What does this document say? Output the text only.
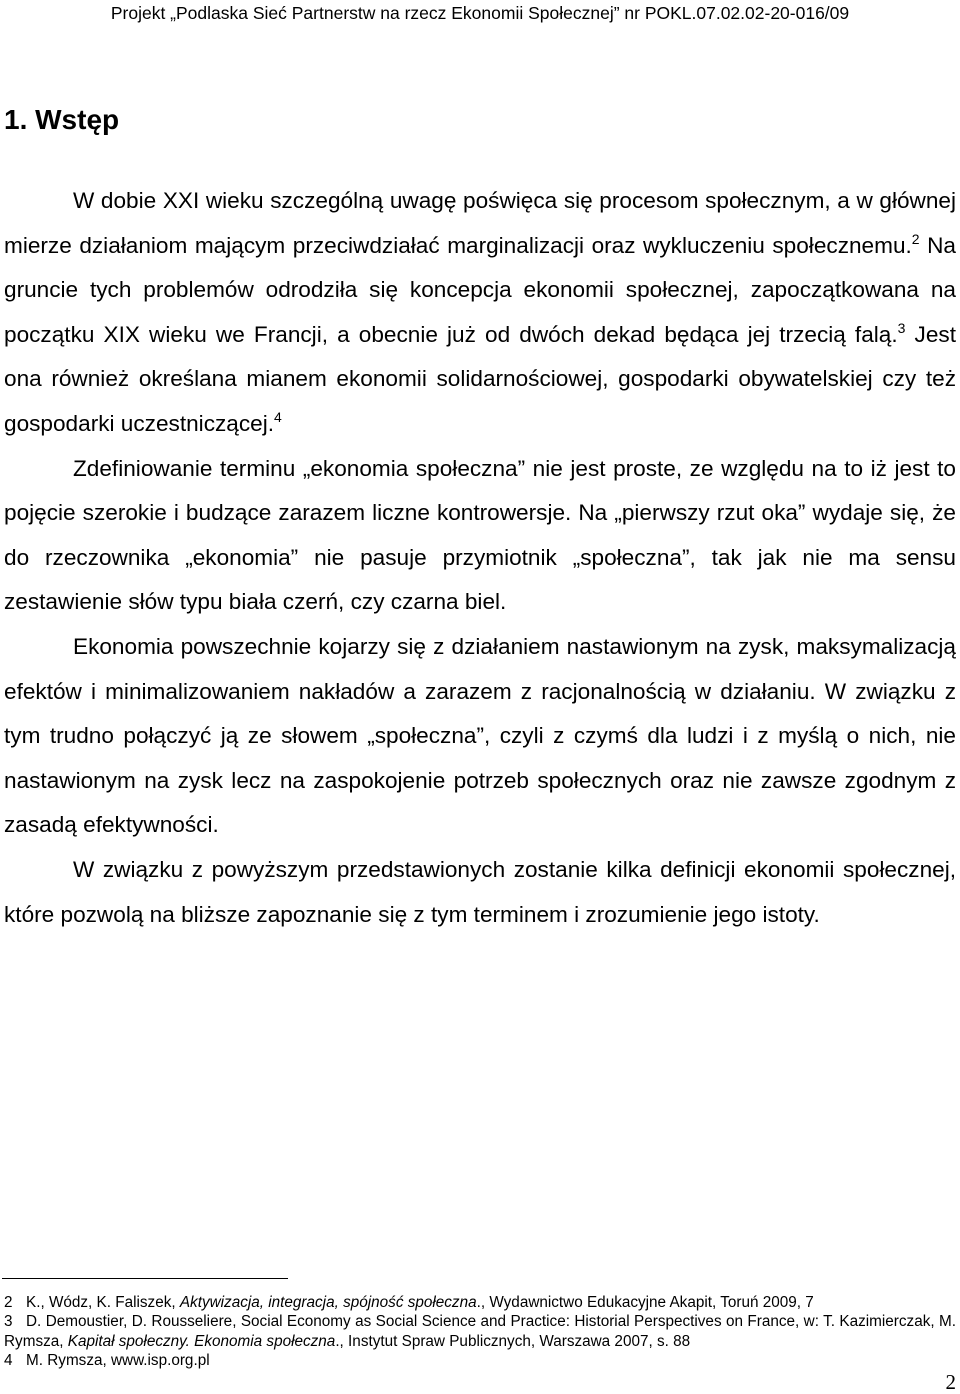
Projekt „Podlaska Sieć Partnerstw na rzecz Ekonomii Społecznej” nr POKL.07.02.02-20-016/09
1. Wstęp

W dobie XXI wieku szczególną uwagę poświęca się procesom społecznym, a w głównej mierze działaniom mającym przeciwdziałać marginalizacji oraz wykluczeniu społecznemu.$^2$ Na gruncie tych problemów odrodziła się koncepcja ekonomii społecznej, zapoczątkowana na początku XIX wieku we Francji, a obecnie już od dwóch dekad będąca jej trzecią falą.$^3$ Jest ona również określana mianem ekonomii solidarnościowej, gospodarki obywatelskiej czy też gospodarki uczestniczącej.$^4$

Zdefiniowanie terminu „ekonomia społeczna” nie jest proste, ze względu na to iż jest to pojęcie szerokie i budzące zarazem liczne kontrowersje. Na „pierwszy rzut oka” wydaje się, że do rzeczownika „ekonomia” nie pasuje przymiotnik „społeczna”, tak jak nie ma sensu zestawienie słów typu biała czerń, czy czarna biel.

Ekonomia powszechnie kojarzy się z działaniem nastawionym na zysk, maksymalizacją efektów i minimalizowaniem nakładów a zarazem z racjonalnością w działaniu. W związku z tym trudno połączyć ją ze słowem „społeczna”, czyli z czymś dla ludzi i z myślą o nich, nie nastawionym na zysk lecz na zaspokojenie potrzeb społecznych oraz nie zawsze zgodnym z zasadą efektywności.

W związku z powyższym przedstawionych zostanie kilka definicji ekonomii społecznej, które pozwolą na bliższe zapoznanie się z tym terminem i zrozumienie jego istoty.

2 K., Wódz, K. Faliszek, Aktywizacja, integracja, spójność społeczna., Wydawnictwo Edukacyjne Akapit, Toruń 2009, 7

3 D. Demoustier, D. Rousseliere, Social Economy as Social Science and Practice: Historial Perspectives on France, w: T. Kazimierczak, M. Rymsza, Kapitał społeczny. Ekonomia społeczna., Instytut Spraw Publicznych, Warszawa 2007, s. 88

4 M. Rymsza, www.isp.org.pl

2
